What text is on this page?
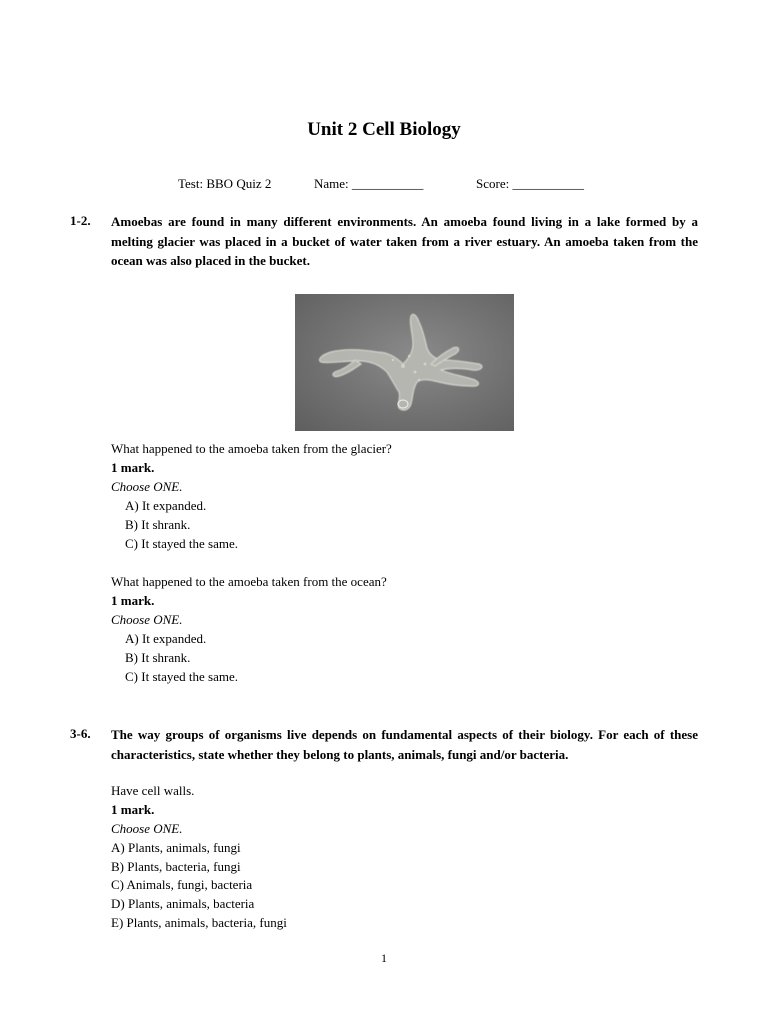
Unit 2 Cell Biology
Test: BBO Quiz 2	Name: ___________	Score: ___________
1-2. Amoebas are found in many different environments. An amoeba found living in a lake formed by a melting glacier was placed in a bucket of water taken from a river estuary. An amoeba taken from the ocean was also placed in the bucket.

What happened to the amoeba taken from the glacier?
1 mark.
Choose ONE.
A) It expanded.
B) It shrank.
C) It stayed the same.
What happened to the amoeba taken from the ocean?
1 mark.
Choose ONE.
A) It expanded.
B) It shrank.
C) It stayed the same.
3-6. The way groups of organisms live depends on fundamental aspects of their biology. For each of these characteristics, state whether they belong to plants, animals, fungi and/or bacteria.

Have cell walls.
1 mark.
Choose ONE.
A) Plants, animals, fungi
B) Plants, bacteria, fungi
C) Animals, fungi, bacteria
D) Plants, animals, bacteria
E) Plants, animals, bacteria, fungi
1
